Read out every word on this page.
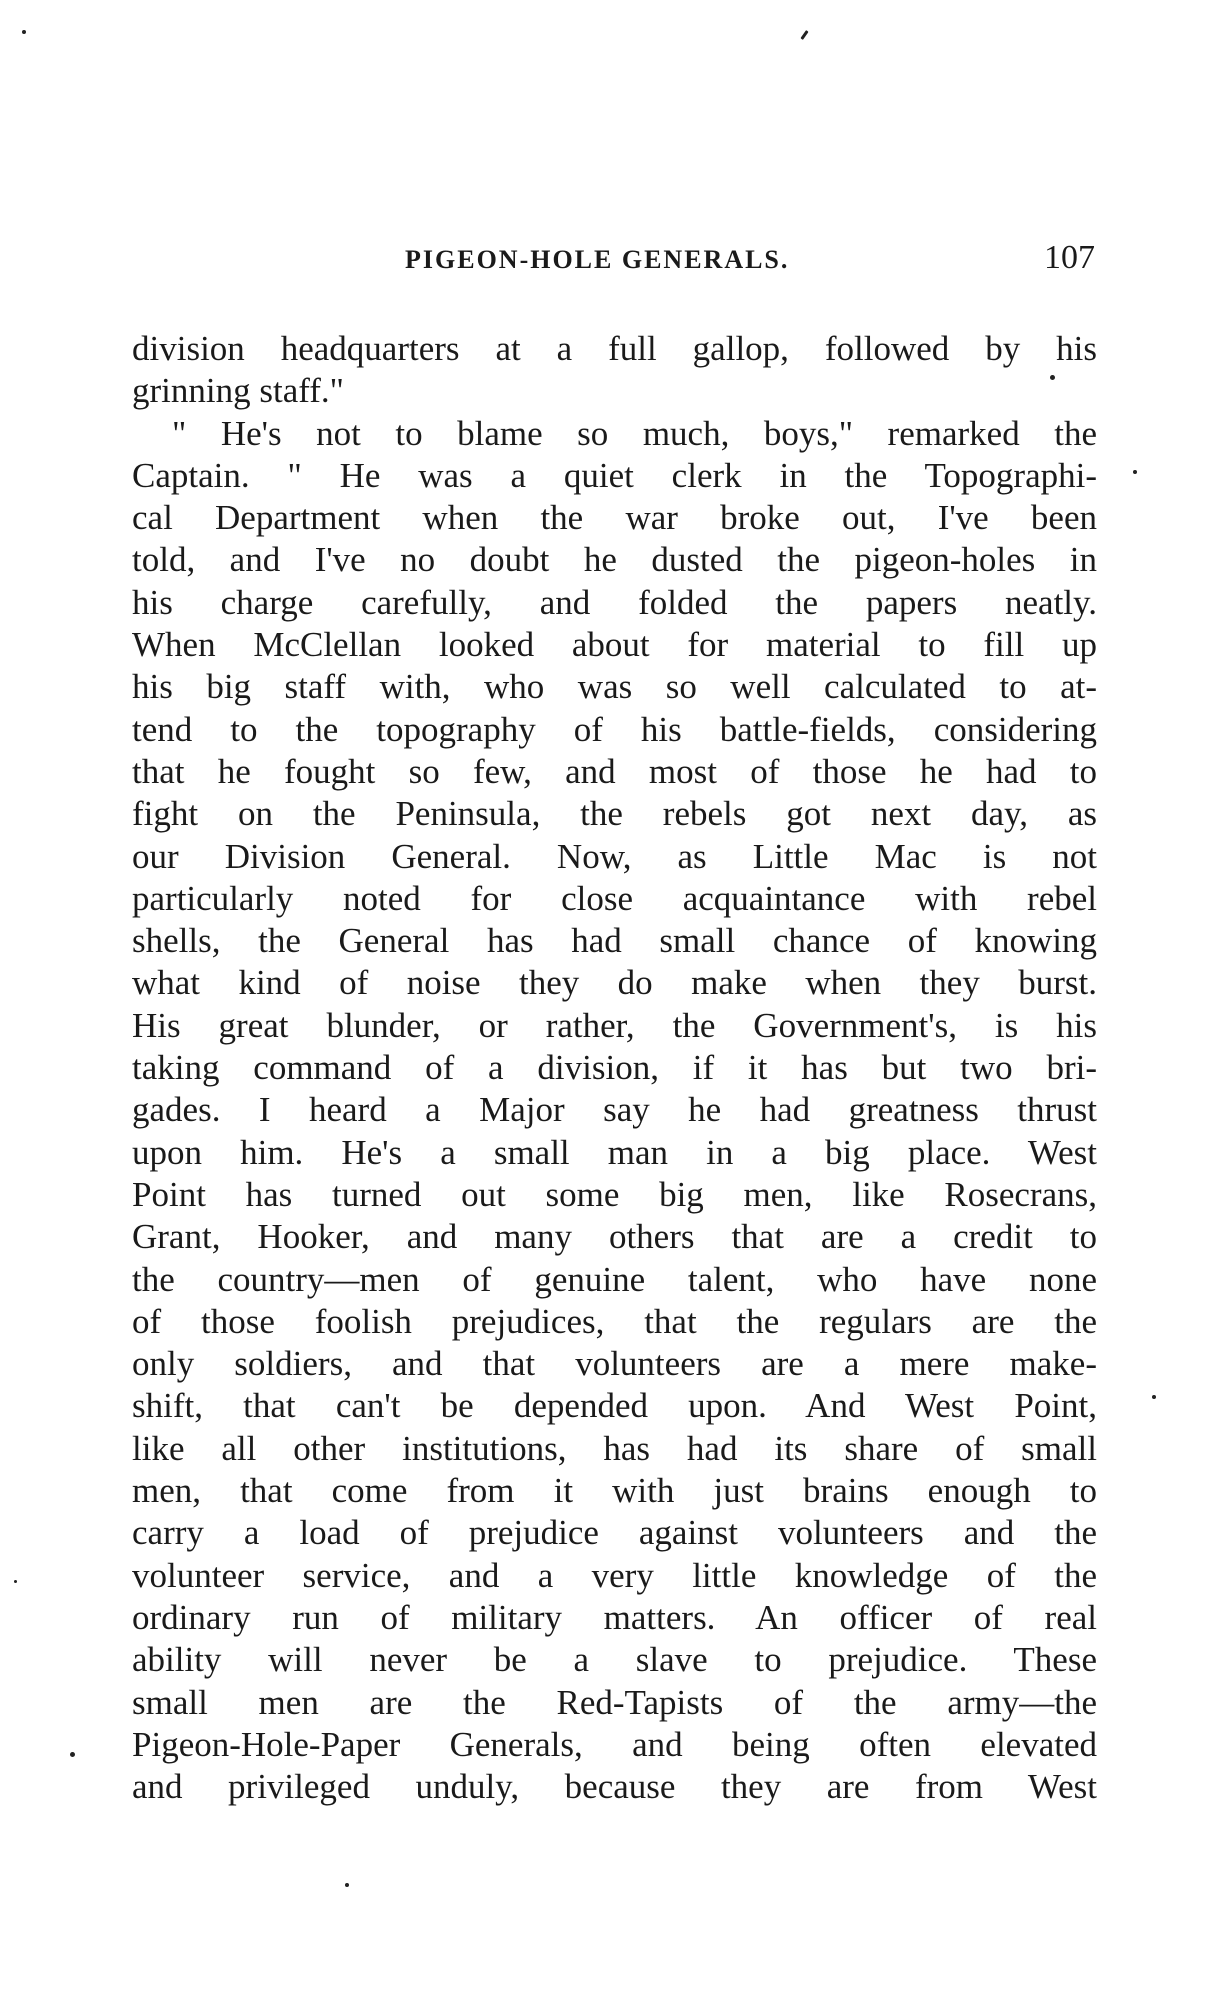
PIGEON-HOLE GENERALS.	107
division headquarters at a full gallop, followed by his
grinning staff."
" He's not to blame so much, boys," remarked the
Captain. " He was a quiet clerk in the Topographi-
cal Department when the war broke out, I've been
told, and I've no doubt he dusted the pigeon-holes in
his charge carefully, and folded the papers neatly.
When McClellan looked about for material to fill up
his big staff with, who was so well calculated to at-
tend to the topography of his battle-fields, considering
that he fought so few, and most of those he had to
fight on the Peninsula, the rebels got next day, as
our Division General. Now, as Little Mac is not
particularly noted for close acquaintance with rebel
shells, the General has had small chance of knowing
what kind of noise they do make when they burst.
His great blunder, or rather, the Government's, is his
taking command of a division, if it has but two bri-
gades. I heard a Major say he had greatness thrust
upon him. He's a small man in a big place. West
Point has turned out some big men, like Rosecrans,
Grant, Hooker, and many others that are a credit to
the country—men of genuine talent, who have none
of those foolish prejudices, that the regulars are the
only soldiers, and that volunteers are a mere make-
shift, that can't be depended upon. And West Point,
like all other institutions, has had its share of small
men, that come from it with just brains enough to
carry a load of prejudice against volunteers and the
volunteer service, and a very little knowledge of the
ordinary run of military matters. An officer of real
ability will never be a slave to prejudice. These
small men are the Red-Tapists of the army—the
Pigeon-Hole-Paper Generals, and being often elevated
and privileged unduly, because they are from West
